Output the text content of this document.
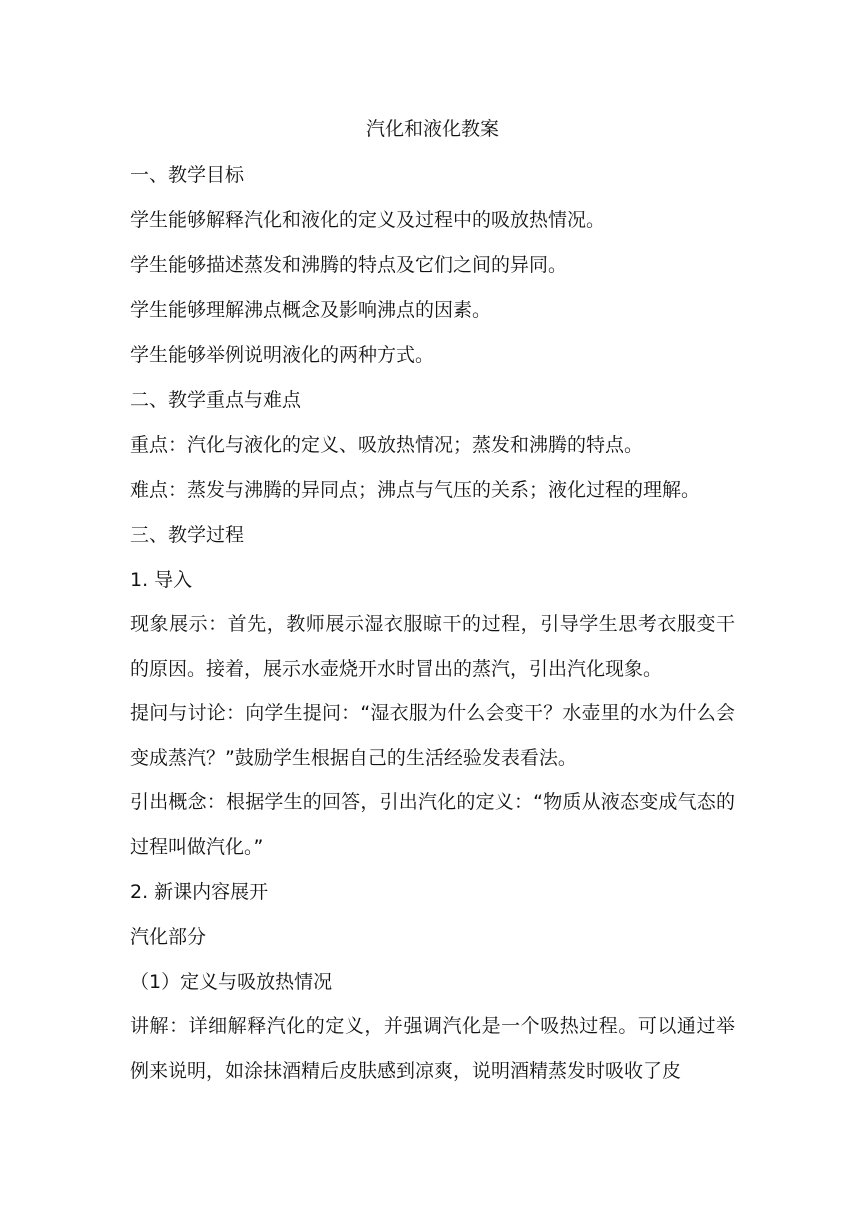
汽化和液化教案
一、教学目标
学生能够解释汽化和液化的定义及过程中的吸放热情况。
学生能够描述蒸发和沸腾的特点及它们之间的异同。
学生能够理解沸点概念及影响沸点的因素。
学生能够举例说明液化的两种方式。
二、教学重点与难点
重点：汽化与液化的定义、吸放热情况；蒸发和沸腾的特点。
难点：蒸发与沸腾的异同点；沸点与气压的关系；液化过程的理解。
三、教学过程
1. 导入
现象展示：首先，教师展示湿衣服晾干的过程，引导学生思考衣服变干的原因。接着，展示水壶烧开水时冒出的蒸汽，引出汽化现象。
提问与讨论：向学生提问：“湿衣服为什么会变干？水壶里的水为什么会变成蒸汽？”鼓励学生根据自己的生活经验发表看法。
引出概念：根据学生的回答，引出汽化的定义：“物质从液态变成气态的过程叫做汽化。”
2. 新课内容展开
汽化部分
（1）定义与吸放热情况
讲解：详细解释汽化的定义，并强调汽化是一个吸热过程。可以通过举例来说明，如涂抹酒精后皮肤感到凉爽，说明酒精蒸发时吸收了皮
